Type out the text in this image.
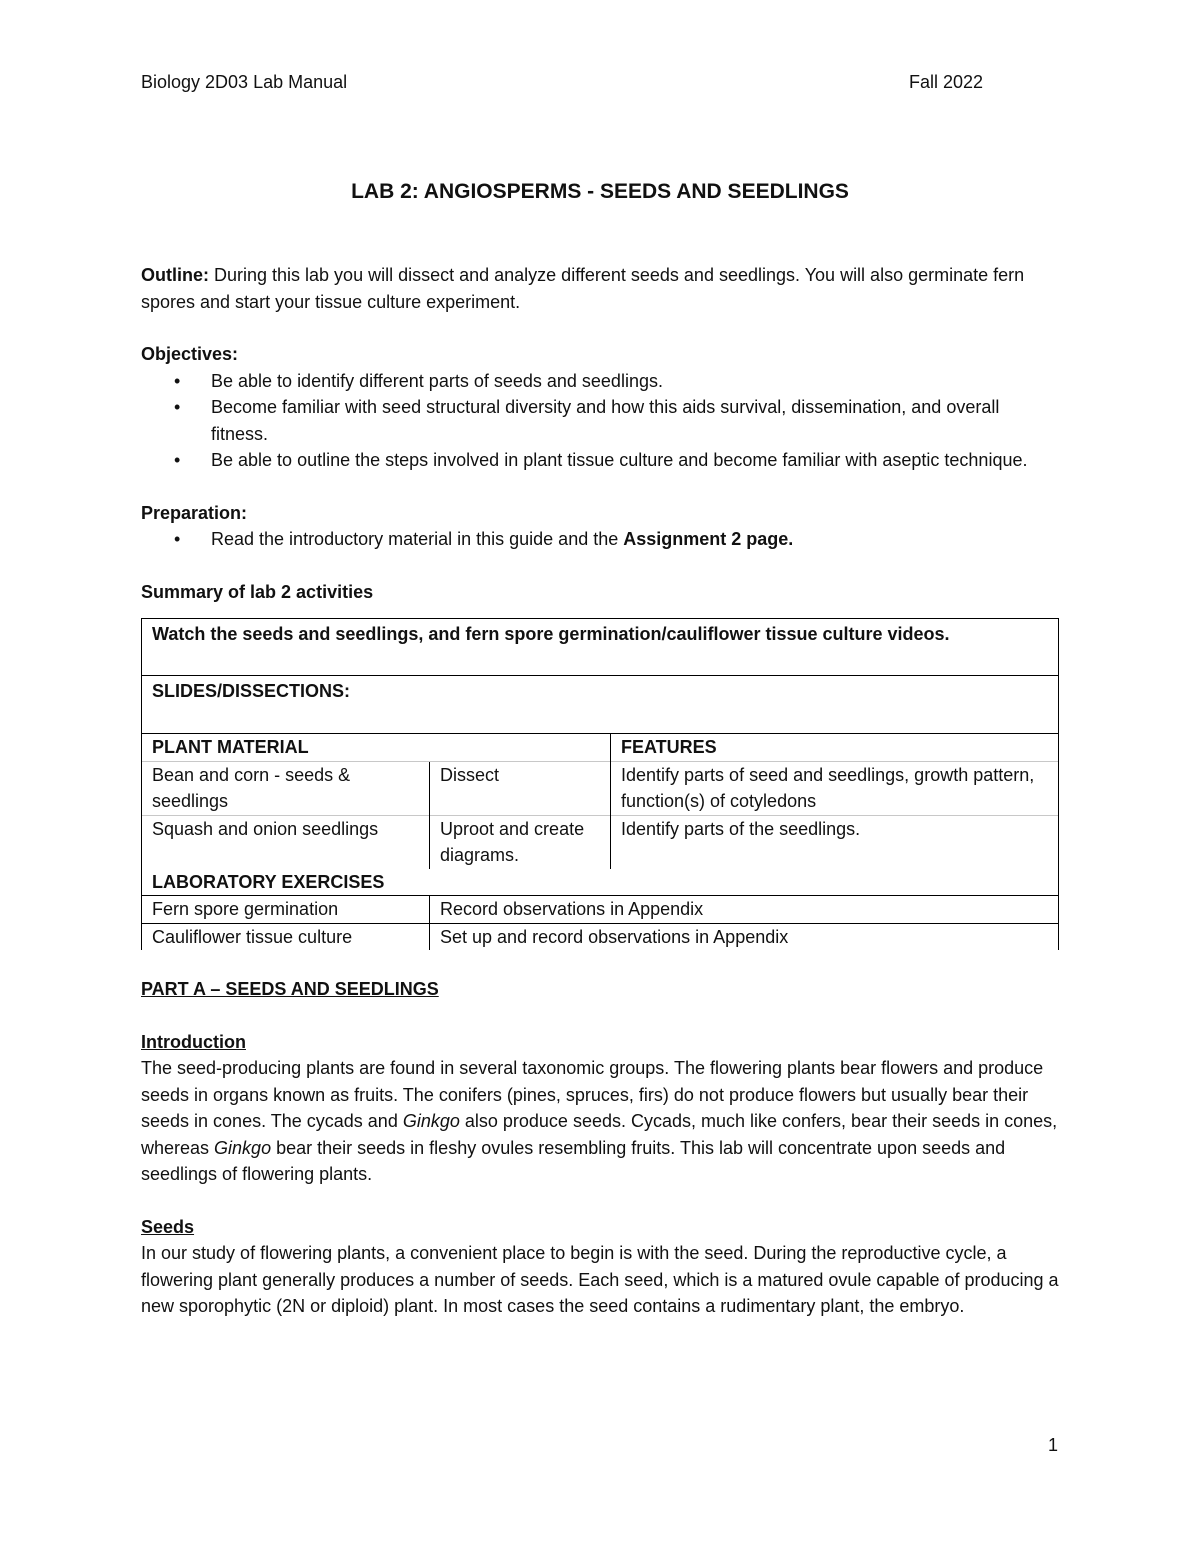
Biology 2D03 Lab Manual	Fall 2022
LAB 2: ANGIOSPERMS - SEEDS AND SEEDLINGS

Outline: During this lab you will dissect and analyze different seeds and seedlings. You will also germinate fern spores and start your tissue culture experiment.

Objectives:

• Be able to identify different parts of seeds and seedlings.
• Become familiar with seed structural diversity and how this aids survival, dissemination, and overall fitness.
• Be able to outline the steps involved in plant tissue culture and become familiar with aseptic technique.

Preparation:

• Read the introductory material in this guide and the Assignment 2 page.

Summary of lab 2 activities

Watch the seeds and seedlings, and fern spore germination/cauliflower tissue culture videos.		
SLIDES/DISSECTIONS:		
PLANT MATERIAL		FEATURES
Bean and corn - seeds & seedlings	Dissect	Identify parts of seed and seedlings, growth pattern, function(s) of cotyledons
Squash and onion seedlings	Uproot and create diagrams.	Identify parts of the seedlings.
LABORATORY EXERCISES		
Fern spore germination	Record observations in Appendix	
Cauliflower tissue culture	Set up and record observations in Appendix	

PART A – SEEDS AND SEEDLINGS

Introduction

The seed-producing plants are found in several taxonomic groups. The flowering plants bear flowers and produce seeds in organs known as fruits. The conifers (pines, spruces, firs) do not produce flowers but usually bear their seeds in cones. The cycads and Ginkgo also produce seeds. Cycads, much like confers, bear their seeds in cones, whereas Ginkgo bear their seeds in fleshy ovules resembling fruits. This lab will concentrate upon seeds and seedlings of flowering plants.

Seeds

In our study of flowering plants, a convenient place to begin is with the seed. During the reproductive cycle, a flowering plant generally produces a number of seeds. Each seed, which is a matured ovule capable of producing a new sporophytic (2N or diploid) plant. In most cases the seed contains a rudimentary plant, the embryo.

1
